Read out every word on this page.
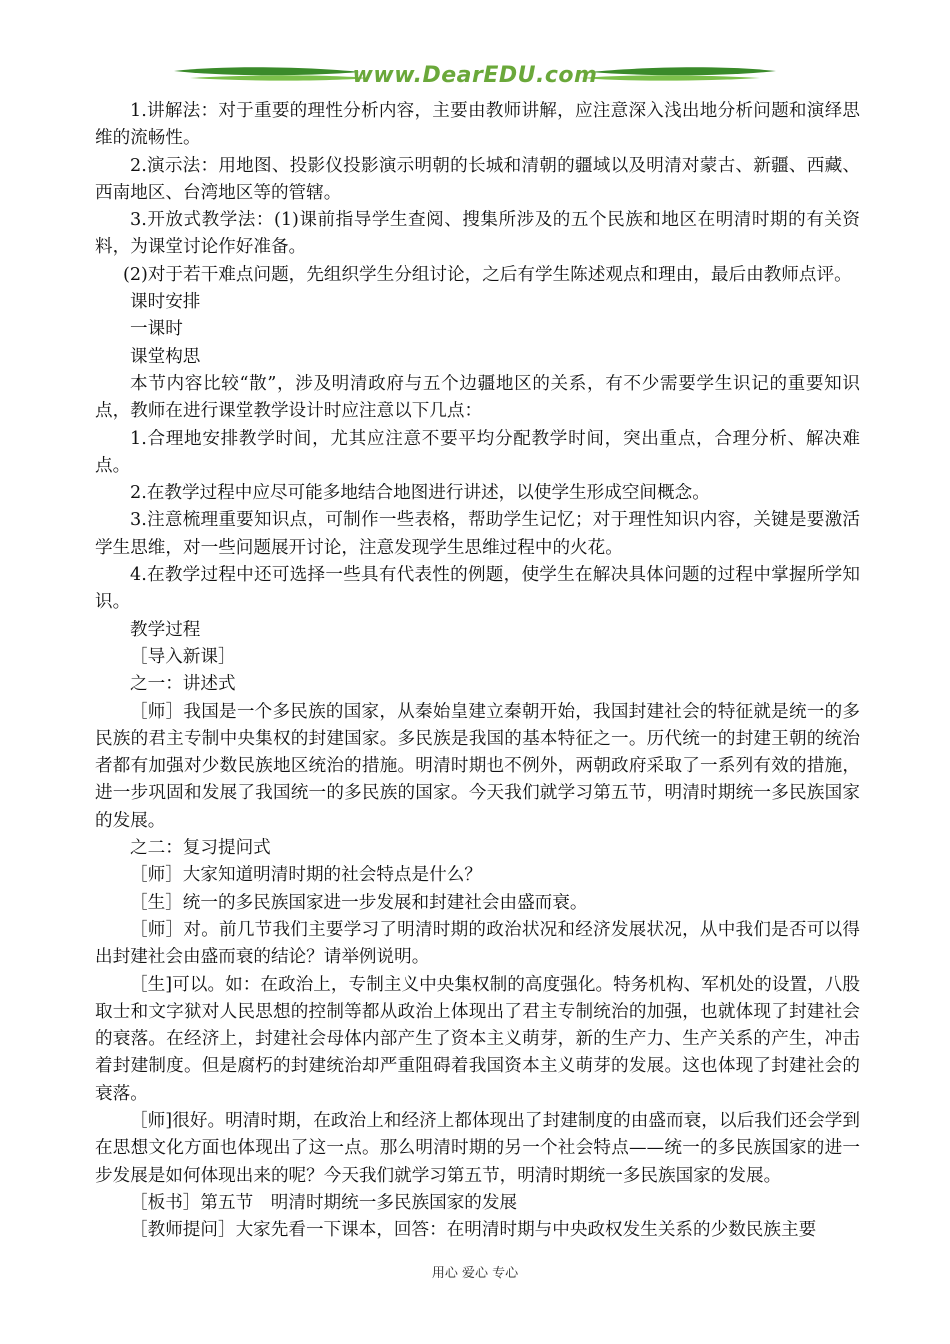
www.DearEDU.com

1.讲解法：对于重要的理性分析内容，主要由教师讲解，应注意深入浅出地分析问题和演绎思维的流畅性。

2.演示法：用地图、投影仪投影演示明朝的长城和清朝的疆域以及明清对蒙古、新疆、西藏、西南地区、台湾地区等的管辖。

3.开放式教学法：(1)课前指导学生查阅、搜集所涉及的五个民族和地区在明清时期的有关资料，为课堂讨论作好准备。

(2)对于若干难点问题，先组织学生分组讨论，之后有学生陈述观点和理由，最后由教师点评。

课时安排

一课时

课堂构思

本节内容比较“散”，涉及明清政府与五个边疆地区的关系，有不少需要学生识记的重要知识点，教师在进行课堂教学设计时应注意以下几点：

1.合理地安排教学时间，尤其应注意不要平均分配教学时间，突出重点，合理分析、解决难点。

2.在教学过程中应尽可能多地结合地图进行讲述，以使学生形成空间概念。

3.注意梳理重要知识点，可制作一些表格，帮助学生记忆；对于理性知识内容，关键是要激活学生思维，对一些问题展开讨论，注意发现学生思维过程中的火花。

4.在教学过程中还可选择一些具有代表性的例题，使学生在解决具体问题的过程中掌握所学知识。

教学过程

［导入新课］

之一：讲述式

［师］我国是一个多民族的国家，从秦始皇建立秦朝开始，我国封建社会的特征就是统一的多民族的君主专制中央集权的封建国家。多民族是我国的基本特征之一。历代统一的封建王朝的统治者都有加强对少数民族地区统治的措施。明清时期也不例外，两朝政府采取了一系列有效的措施，进一步巩固和发展了我国统一的多民族的国家。今天我们就学习第五节，明清时期统一多民族国家的发展。

之二：复习提问式

［师］大家知道明清时期的社会特点是什么？

［生］统一的多民族国家进一步发展和封建社会由盛而衰。

［师］对。前几节我们主要学习了明清时期的政治状况和经济发展状况，从中我们是否可以得出封建社会由盛而衰的结论？请举例说明。

［生]可以。如：在政治上，专制主义中央集权制的高度强化。特务机构、军机处的设置，八股取士和文字狱对人民思想的控制等都从政治上体现出了君主专制统治的加强，也就体现了封建社会的衰落。在经济上，封建社会母体内部产生了资本主义萌芽，新的生产力、生产关系的产生，冲击着封建制度。但是腐朽的封建统治却严重阻碍着我国资本主义萌芽的发展。这也体现了封建社会的衰落。

［师]很好。明清时期，在政治上和经济上都体现出了封建制度的由盛而衰，以后我们还会学到在思想文化方面也体现出了这一点。那么明清时期的另一个社会特点——统一的多民族国家的进一步发展是如何体现出来的呢？今天我们就学习第五节，明清时期统一多民族国家的发展。

［板书］第五节　明清时期统一多民族国家的发展

［教师提问］大家先看一下课本，回答：在明清时期与中央政权发生关系的少数民族主要

用心 爱心 专心
